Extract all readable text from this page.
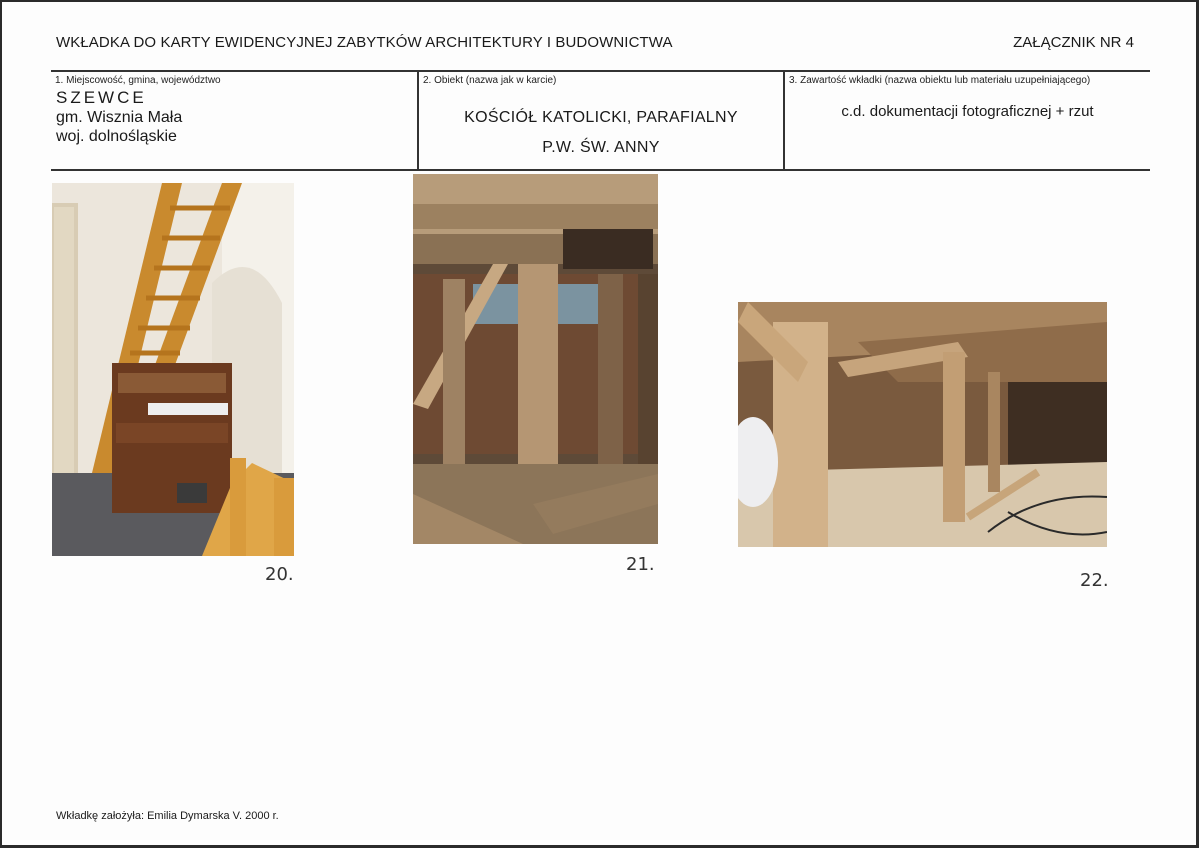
WKŁADKA DO KARTY EWIDENCYJNEJ ZABYTKÓW ARCHITEKTURY I BUDOWNICTWA	ZAŁĄCZNIK NR 4
1. Miejscowość, gmina, województwo
SZEWCE
gm. Wisznia Mała
woj. dolnośląskie
2. Obiekt (nazwa jak w karcie)
KOŚCIÓŁ KATOLICKI, PARAFIALNY
P.W. ŚW. ANNY
3. Zawartość wkładki (nazwa obiektu lub materiału uzupełniającego)
c.d. dokumentacji fotograficznej + rzut
20.	21.
22.
Wkładkę założyła: Emilia Dymarska V. 2000 r.
